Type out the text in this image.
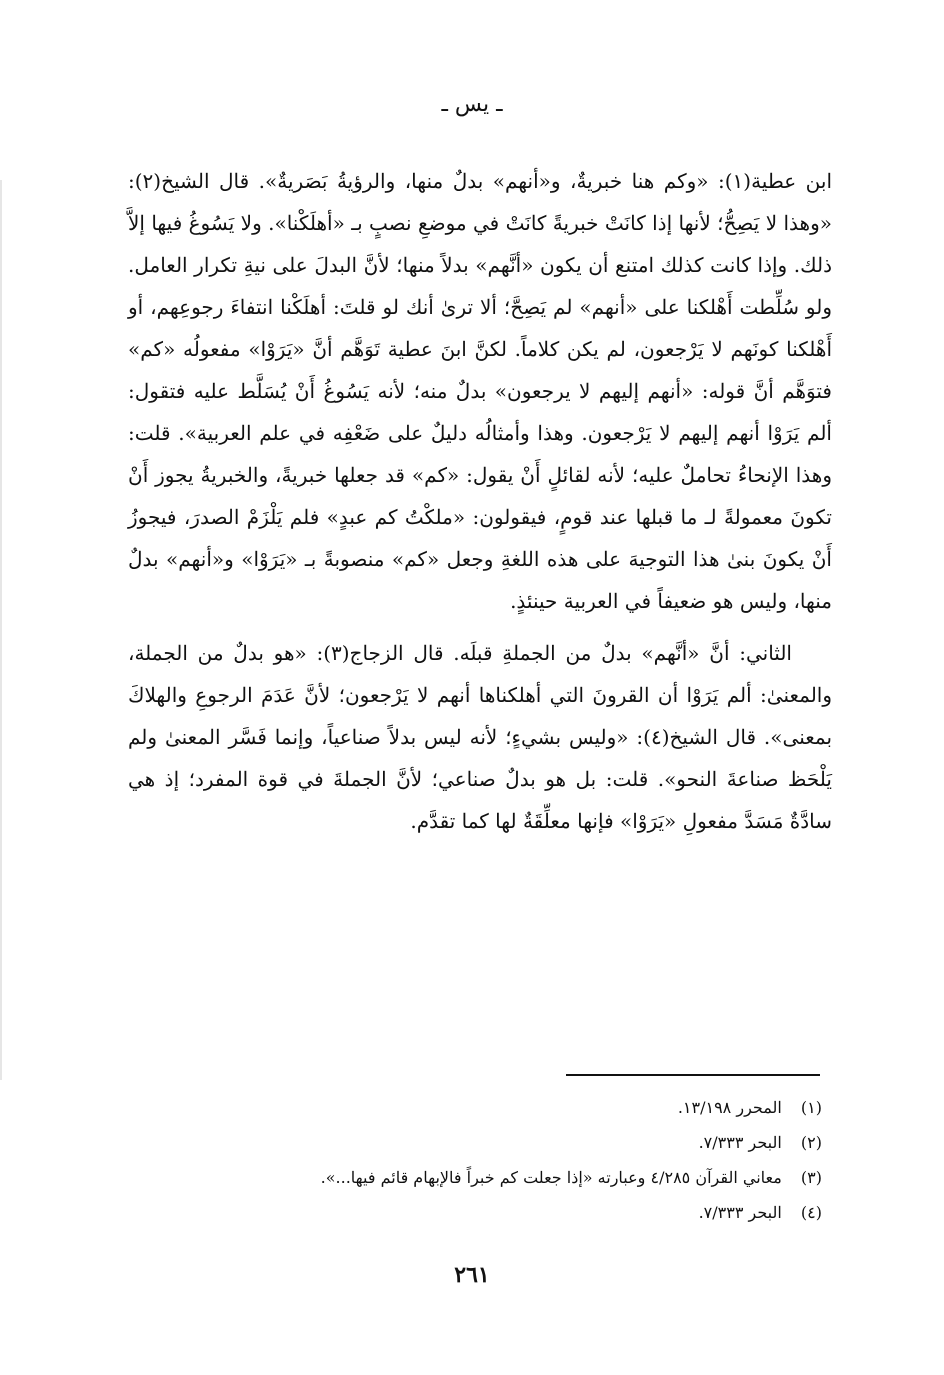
ـ يس ـ

ابن عطية(١): «وكم هنا خبريةٌ، و«أنهم» بدلٌ منها، والرؤيةُ بَصَريةٌ». قال الشيخ(٢): «وهذا لا يَصِحُّ؛ لأنها إذا كانَتْ خبريةً كانَتْ في موضعِ نصبٍ بـ «أهلَكْنا». ولا يَسُوغُ فيها إلاَّ ذلك. وإذا كانت كذلك امتنع أن يكون «أنَّهم» بدلاً منها؛ لأنَّ البدلَ على نيةِ تكرار العامل. ولو سُلِّطت أَهْلكنا على «أنهم» لم يَصِحَّ؛ ألا ترىٰ أنك لو قلتَ: أهلَكْنا انتفاءَ رجوعِهم، أو أَهْلكنا كونَهم لا يَرْجعون، لم يكن كلاماً. لكنَّ ابنَ عطية تَوَهَّم أنَّ «يَرَوْا» مفعولُه «كم» فتوَهَّم أنَّ قوله: «أنهم إليهم لا يرجعون» بدلٌ منه؛ لأنه يَسُوغُ أَنْ يُسَلَّط عليه فتقول: ألم يَرَوْا أنهم إليهم لا يَرْجعون. وهذا وأمثالُه دليلٌ على ضَعْفِه في علم العربية». قلت: وهذا الإنحاءُ تحاملٌ عليه؛ لأنه لقائلٍ أَنْ يقول: «كم» قد جعلها خبريةً، والخبريةُ يجوز أَنْ تكونَ معمولةً لـ ما قبلها عند قومٍ، فيقولون: «ملكْتُ كم عبدٍ» فلم يَلْزَمْ الصدرَ، فيجوزُ أَنْ يكونَ بنىٰ هذا التوجيهَ على هذه اللغةِ وجعل «كم» منصوبةً بـ «يَرَوْا» و«أنهم» بدلٌ منها، وليس هو ضعيفاً في العربية حينئذٍ.

الثاني: أنَّ «أنَّهم» بدلٌ من الجملةِ قبلَه. قال الزجاج(٣): «هو بدلٌ من الجملة، والمعنىٰ: ألم يَرَوْا أن القرونَ التي أهلكناها أنهم لا يَرْجعون؛ لأنَّ عَدَمَ الرجوعِ والهلاكَ بمعنى». قال الشيخ(٤): «وليس بشيءٍ؛ لأنه ليس بدلاً صناعياً، وإنما فَسَّر المعنىٰ ولم يَلْحَظ صناعةَ النحو». قلت: بل هو بدلٌ صناعي؛ لأنَّ الجملةَ في قوة المفرد؛ إذ هي سادَّةٌ مَسَدَّ مفعولِ «يَرَوْا» فإنها معلِّقَةٌ لها كما تقدَّم.

(١) المحرر ١٣/١٩٨.
(٢) البحر ٧/٣٣٣.
(٣) معاني القرآن ٤/٢٨٥ وعبارته «إذا جعلت كم خبراً فالإبهام قائم فيها...».
(٤) البحر ٧/٣٣٣.
٢٦١
